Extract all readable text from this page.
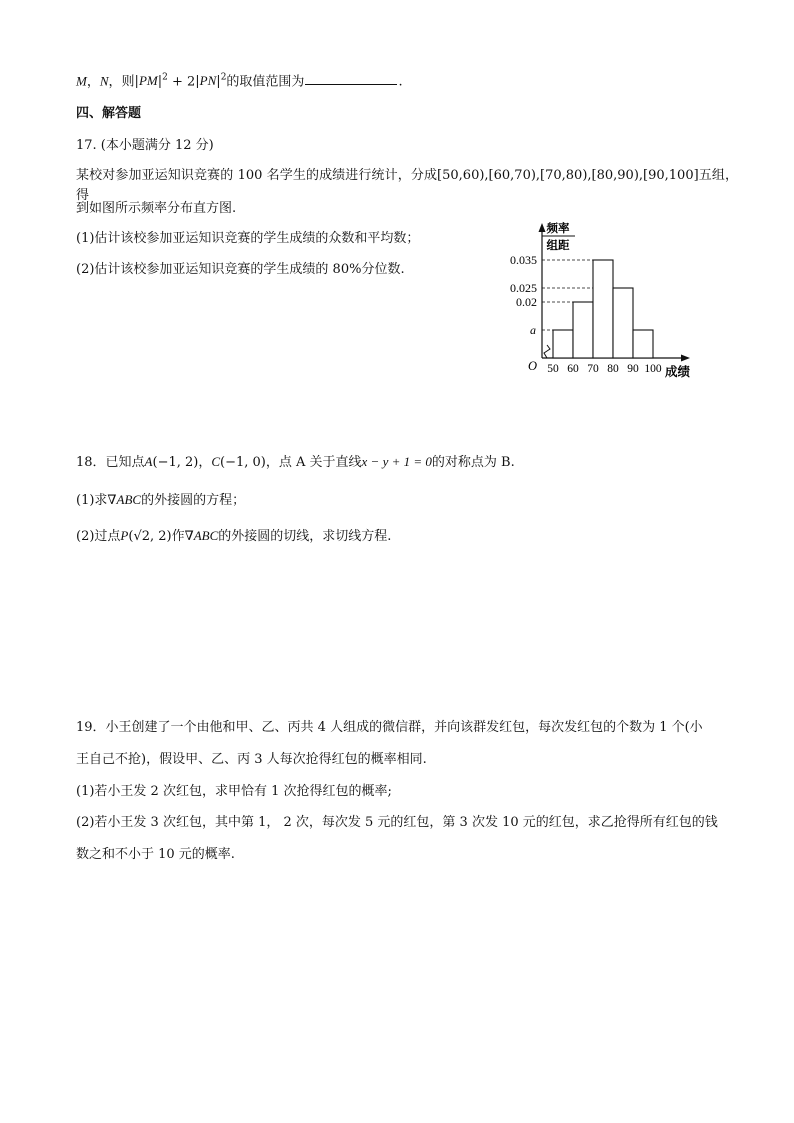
M，N，则$|PM|^2 + 2|PN|^2$的取值范围为	.
四、解答题
17. (本小题满分 12 分)
某校对参加亚运知识竞赛的 100 名学生的成绩进行统计，分成[50,60),[60,70),[70,80),[80,90),[90,100]五组，得
到如图所示频率分布直方图.
(1)估计该校参加亚运知识竞赛的学生成绩的众数和平均数；
(2)估计该校参加亚运知识竞赛的学生成绩的 80%分位数.
0.035
0.025
0.02
a
50 60 70 80 90 100
O
频率
组距
成绩
18．已知点A(−1, 2)，C(−1, 0)，点 A 关于直线x − y + 1 = 0的对称点为 B.
(1)求∇ABC的外接圆的方程；
(2)过点P(√2, 2)作∇ABC的外接圆的切线，求切线方程.
19．小王创建了一个由他和甲、乙、丙共 4 人组成的微信群，并向该群发红包，每次发红包的个数为 1 个(小
王自己不抢)，假设甲、乙、丙 3 人每次抢得红包的概率相同.
(1)若小王发 2 次红包，求甲恰有 1 次抢得红包的概率;
(2)若小王发 3 次红包，其中第 1， 2 次，每次发 5 元的红包，第 3 次发 10 元的红包，求乙抢得所有红包的钱
数之和不小于 10 元的概率.
